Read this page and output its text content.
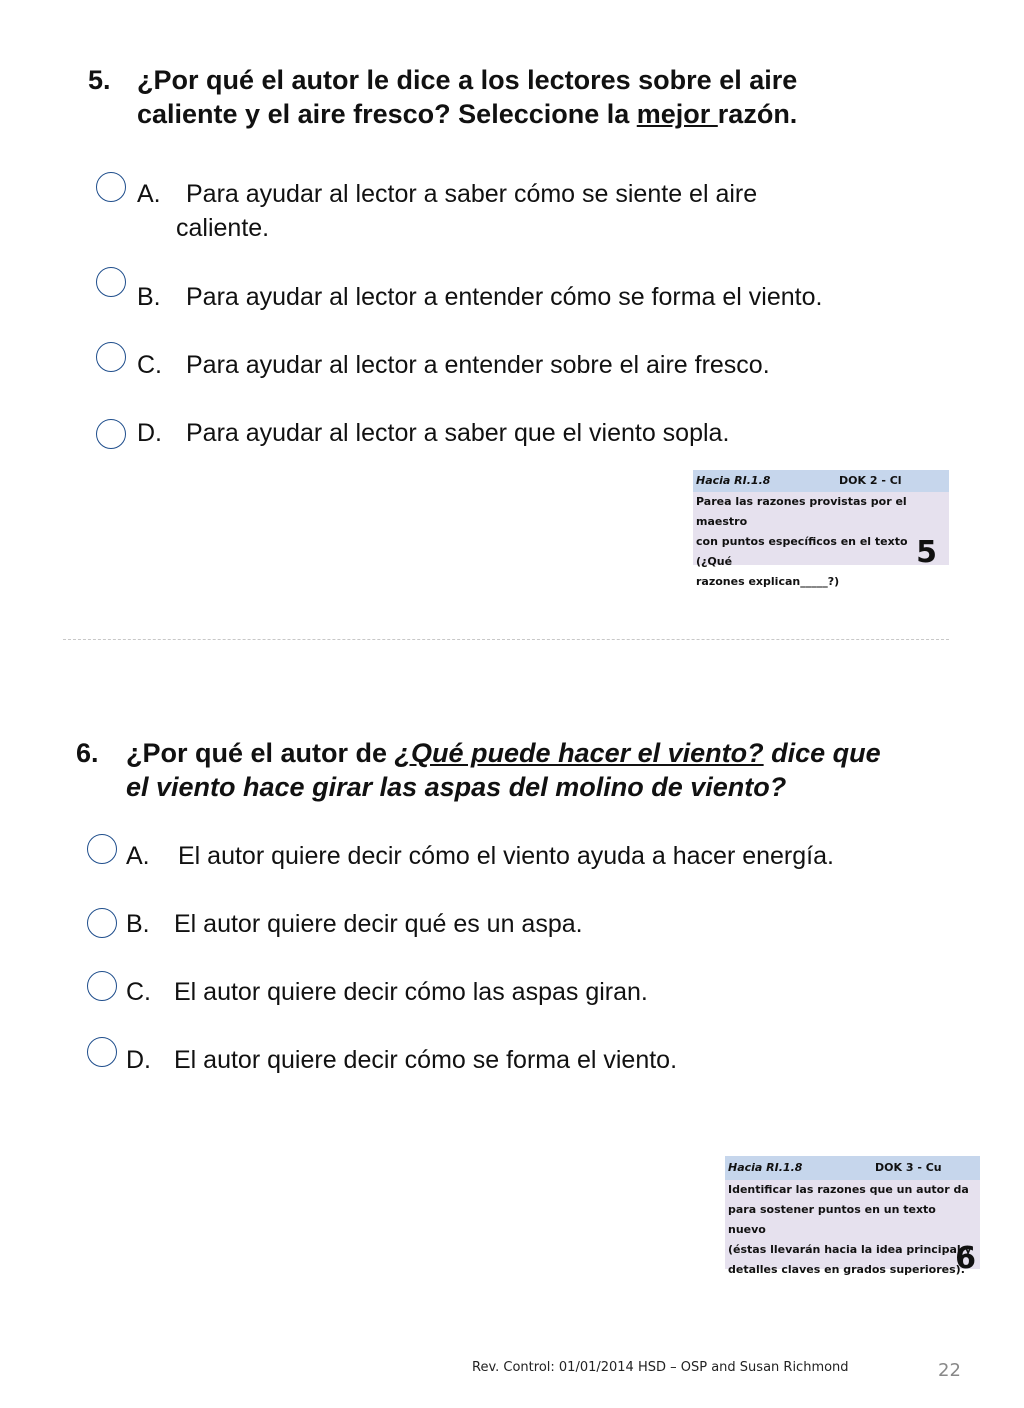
5. ¿Por qué el autor le dice a los lectores sobre el aire
caliente y el aire fresco? Seleccione la mejor razón.
A. Para ayudar al lector a saber cómo se siente el aire
caliente.
B. Para ayudar al lector a entender cómo se forma el viento.
C. Para ayudar al lector a entender sobre el aire fresco.
D. Para ayudar al lector a saber que el viento sopla.
Hacia RI.1.8	DOK 2 - Cl
Parea las razones provistas por el maestro
con puntos específicos en el texto (¿Qué
razones explican_____?)
5
6. ¿Por qué el autor de ¿Qué puede hacer el viento? dice que
el viento hace girar las aspas del molino de viento?
A. El autor quiere decir cómo el viento ayuda a hacer energía.
B. El autor quiere decir qué es un aspa.
C. El autor quiere decir cómo las aspas giran.
D. El autor quiere decir cómo se forma el viento.
Hacia RI.1.8	DOK 3 - Cu
Identificar las razones que un autor da
para sostener puntos en un texto nuevo
(éstas llevarán hacia la idea principal y
detalles claves en grados superiores).
6
Rev. Control: 01/01/2014 HSD – OSP and Susan Richmond	22
